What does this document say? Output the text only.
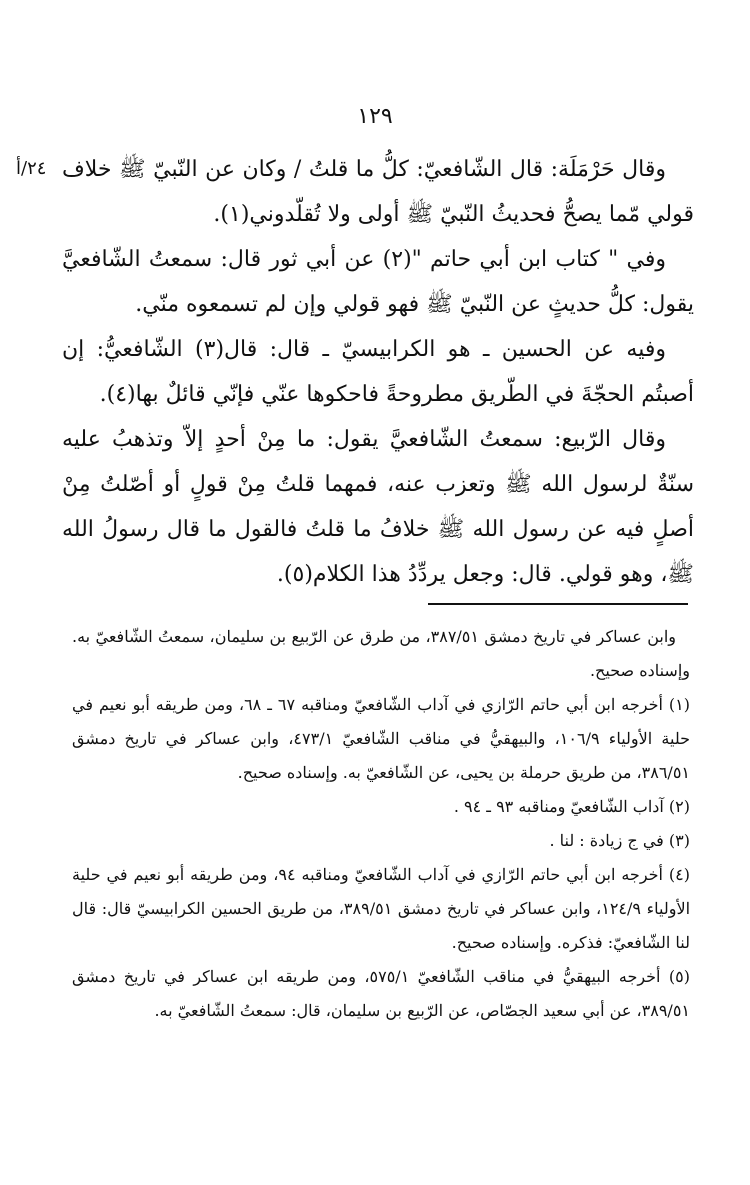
١٢٩
٢٤/أ وقال حَرْمَلَة: قال الشّافعيّ: كلُّ ما قلتُ / وكان عن النّبيّ ﷺ خلاف قولي مّما يصحُّ فحديثُ النّبيّ ﷺ أولى ولا تُقلّدوني(١).

وفي " كتاب ابن أبي حاتم "(٢) عن أبي ثور قال: سمعتُ الشّافعيَّ يقول: كلُّ حديثٍ عن النّبيّ ﷺ فهو قولي وإن لم تسمعوه منّي.

وفيه عن الحسين ـ هو الكرابيسيّ ـ قال: قال(٣) الشّافعيُّ: إن أصبتُم الحجّةَ في الطّريق مطروحةً فاحكوها عنّي فإنّي قائلٌ بها(٤).

وقال الرّبيع: سمعتُ الشّافعيَّ يقول: ما مِنْ أحدٍ إلاّ وتذهبُ عليه سنّةٌ لرسول الله ﷺ وتعزب عنه، فمهما قلتُ مِنْ قولٍ أو أصّلتُ مِنْ أصلٍ فيه عن رسول الله ﷺ خلافُ ما قلتُ فالقول ما قال رسولُ الله ﷺ، وهو قولي. قال: وجعل يردِّدُ هذا الكلام(٥).

وابن عساكر في تاريخ دمشق ٣٨٧/٥١، من طرق عن الرّبيع بن سليمان، سمعتُ الشّافعيّ به. وإسناده صحيح.

(١) أخرجه ابن أبي حاتم الرّازي في آداب الشّافعيّ ومناقبه ٦٧ ـ ٦٨، ومن طريقه أبو نعيم في حلية الأولياء ١٠٦/٩، والبيهقيُّ في مناقب الشّافعيّ ٤٧٣/١، وابن عساكر في تاريخ دمشق ٣٨٦/٥١، من طريق حرملة بن يحيى، عن الشّافعيّ به. وإسناده صحيح.

(٢) آداب الشّافعيّ ومناقبه ٩٣ ـ ٩٤ .

(٣) في ج زيادة : لنا .

(٤) أخرجه ابن أبي حاتم الرّازي في آداب الشّافعيّ ومناقبه ٩٤، ومن طريقه أبو نعيم في حلية الأولياء ١٢٤/٩، وابن عساكر في تاريخ دمشق ٣٨٩/٥١، من طريق الحسين الكرابيسيّ قال: قال لنا الشّافعيّ: فذكره. وإسناده صحيح.

(٥) أخرجه البيهقيُّ في مناقب الشّافعيّ ٥٧٥/١، ومن طريقه ابن عساكر في تاريخ دمشق ٣٨٩/٥١، عن أبي سعيد الجصّاص، عن الرّبيع بن سليمان، قال: سمعتُ الشّافعيّ به.
